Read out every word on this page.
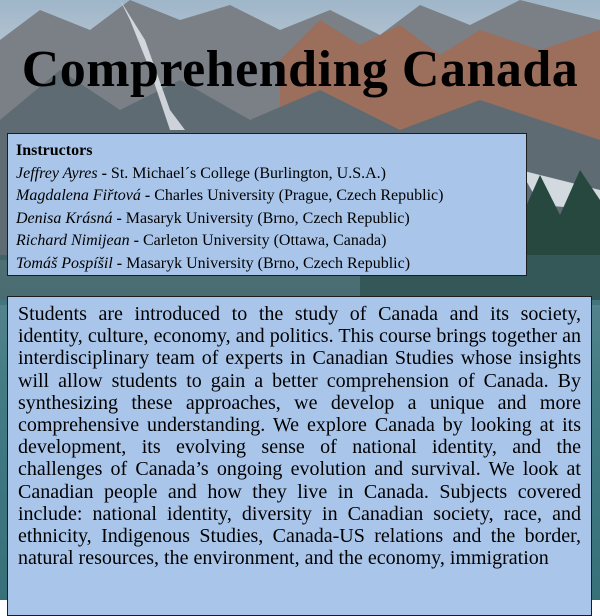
Comprehending Canada
Instructors
Jeffrey Ayres - St. Michael´s College (Burlington, U.S.A.)
Magdalena Fiřtová - Charles University (Prague, Czech Republic)
Denisa Krásná - Masaryk University (Brno, Czech Republic)
Richard Nimijean - Carleton University (Ottawa, Canada)
Tomáš Pospíšil - Masaryk University (Brno, Czech Republic)
Students are introduced to the study of Canada and its society, identity, culture, economy, and politics. This course brings together an interdisciplinary team of experts in Canadian Studies whose insights will allow students to gain a better comprehension of Canada. By synthesizing these approaches, we develop a unique and more comprehensive understanding. We explore Canada by looking at its development, its evolving sense of national identity, and the challenges of Canada’s ongoing evolution and survival. We look at Canadian people and how they live in Canada. Subjects covered include: national identity, diversity in Canadian society, race, and ethnicity, Indigenous Studies, Canada-US relations and the border, natural resources, the environment, and the economy, immigration
